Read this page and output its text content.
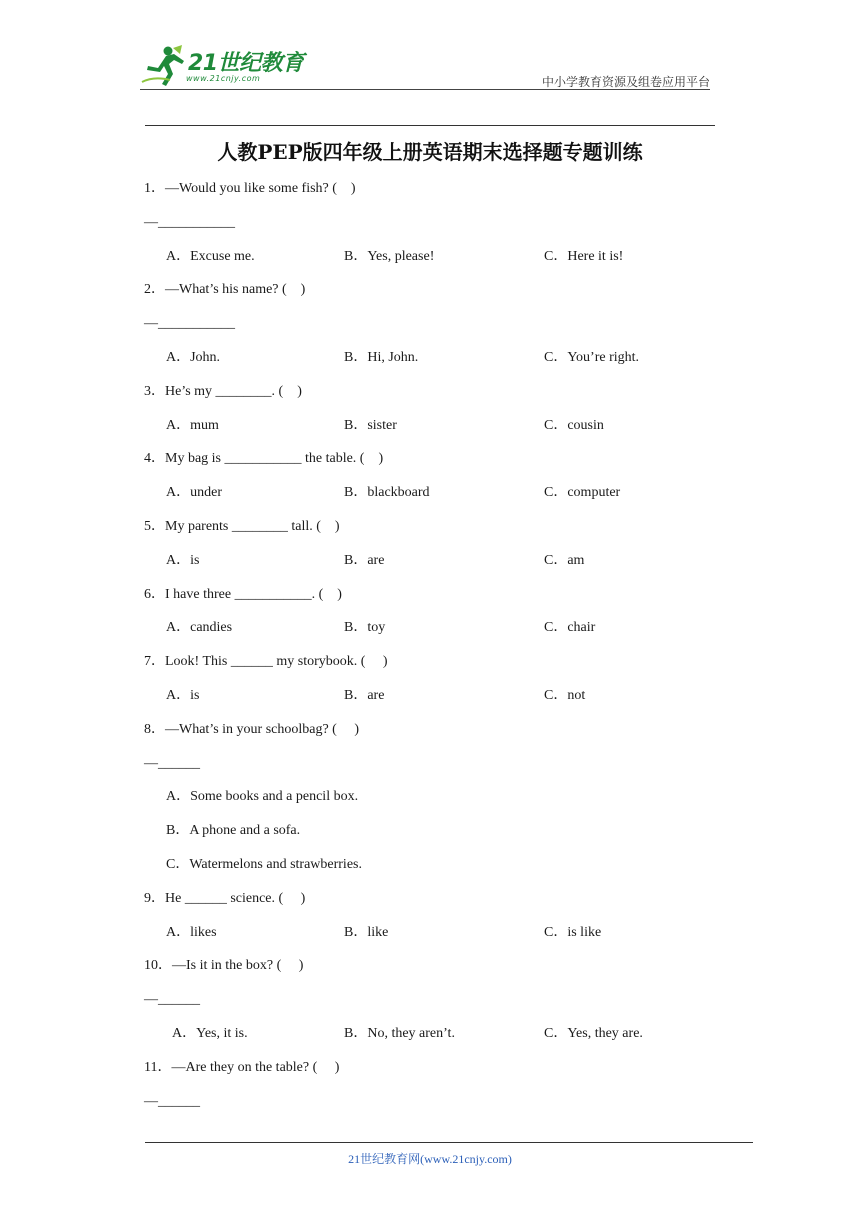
21世纪教育
www.21cnjy.com	中小学教育资源及组卷应用平台
人教PEP版四年级上册英语期末选择题专题训练
1．—Would you like some fish? (　)
—___________
A．Excuse me.	B．Yes, please!	C．Here it is!
2．—What’s his name? (　)
—___________
A．John.	B．Hi, John.	C．You’re right.
3．He’s my ________. (　)
A．mum	B．sister	C．cousin
4．My bag is ___________ the table. (　)
A．under	B．blackboard	C．computer
5．My parents ________ tall. (　)
A．is	B．are	C．am
6．I have three ___________. (　)
A．candies	B．toy	C．chair
7．Look! This ______ my storybook. (　 )
A．is	B．are	C．not
8．—What’s in your schoolbag? (　 )
—______
A．Some books and a pencil box.
B．A phone and a sofa.
C．Watermelons and strawberries.
9．He ______ science. (　 )
A．likes	B．like	C．is like
10．—Is it in the box? (　 )
—______
A．Yes, it is.	B．No, they aren’t.	C．Yes, they are.
11．—Are they on the table? (　 )
—______
21世纪教育网(www.21cnjy.com)
